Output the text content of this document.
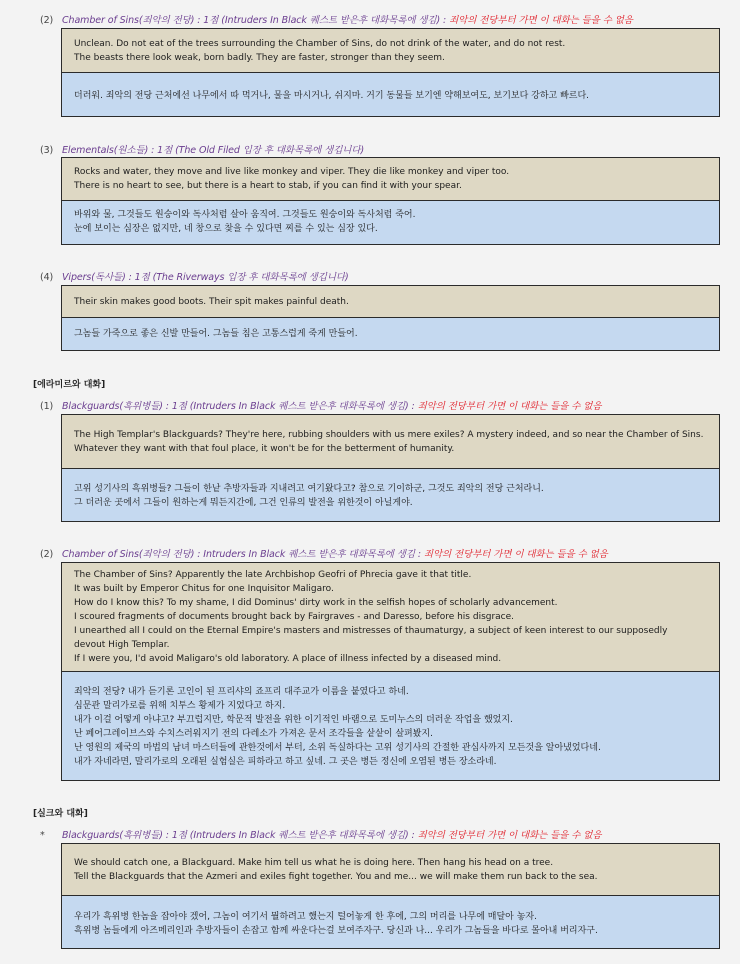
(2) Chamber of Sins(죄악의 전당) : 1점 (Intruders In Black 퀘스트 받은후 대화목록에 생김) : 죄악의 전당부터 가면 이 대화는 들을 수 없음
Unclean. Do not eat of the trees surrounding the Chamber of Sins, do not drink of the water, and do not rest.
The beasts there look weak, born badly. They are faster, stronger than they seem.
더러워. 죄악의 전당 근처에선 나무에서 따 먹거나, 물을 마시거나, 쉬지마. 거기 동물들 보기엔 약해보여도, 보기보다 강하고 빠르다.
(3) Elementals(원소들) : 1점 (The Old Filed 입장 후 대화목록에 생깁니다)
Rocks and water, they move and live like monkey and viper. They die like monkey and viper too.
There is no heart to see, but there is a heart to stab, if you can find it with your spear.
바위와 물, 그것들도 원숭이와 독사처럼 살아 움직여. 그것들도 원숭이와 독사처럼 죽어.
눈에 보이는 심장은 없지만, 네 창으로 찾을 수 있다면 찌를 수 있는 심장 있다.
(4) Vipers(독사들) : 1점 (The Riverways 입장 후 대화목록에 생깁니다)
Their skin makes good boots. Their spit makes painful death.
그놈들 가죽으로 좋은 신발 만들어. 그놈들 침은 고통스럽게 죽게 만들어.
[에라미르와 대화]
(1) Blackguards(흑위병들) : 1점 (Intruders In Black 퀘스트 받은후 대화목록에 생김) : 죄악의 전당부터 가면 이 대화는 들을 수 없음
The High Templar's Blackguards? They're here, rubbing shoulders with us mere exiles? A mystery indeed, and so near the Chamber of Sins.
Whatever they want with that foul place, it won't be for the betterment of humanity.
고위 성기사의 흑위병들? 그들이 한낱 추방자들과 지내려고 여기왔다고? 참으로 기이하군, 그것도 죄악의 전당 근처라니.
그 더러운 곳에서 그들이 원하는게 뭐든지간에, 그건 인류의 발전을 위한것이 아닐게야.
(2) Chamber of Sins(죄악의 전당) : Intruders In Black 퀘스트 받은후 대화목록에 생김 : 죄악의 전당부터 가면 이 대화는 들을 수 없음
The Chamber of Sins? Apparently the late Archbishop Geofri of Phrecia gave it that title.
It was built by Emperor Chitus for one Inquisitor Maligaro.
How do I know this? To my shame, I did Dominus' dirty work in the selfish hopes of scholarly advancement.
I scoured fragments of documents brought back by Fairgraves - and Daresso, before his disgrace.
I unearthed all I could on the Eternal Empire's masters and mistresses of thaumaturgy, a subject of keen interest to our supposedly
devout High Templar.
If I were you, I'd avoid Maligaro's old laboratory. A place of illness infected by a diseased mind.
죄악의 전당? 내가 듣기론 고인이 된 프리샤의 죠프리 대주교가 이름을 붙였다고 하네.
심문관 말리가로를 위해 치투스 황제가 지었다고 하지.
내가 이걸 어떻게 아냐고? 부끄럽지만, 학문적 발전을 위한 이기적인 바램으로 도미누스의 더러운 작업을 했었지.
난 페어그레이브스와 수치스러워지기 전의 다레소가 가져온 문서 조각들을 샅샅이 살펴봤지.
난 영원의 제국의 마법의 남녀 마스터들에 관한것에서 부터, 소위 독실하다는 고위 성기사의 간절한 관심사까지 모든것을 알아냈었다네.
내가 자네라면, 말리가로의 오래된 실험실은 피하라고 하고 싶네. 그 곳은 병든 정신에 오염된 병든 장소라네.
[실크와 대화]
* Blackguards(흑위병들) : 1점 (Intruders In Black 퀘스트 받은후 대화목록에 생김) : 죄악의 전당부터 가면 이 대화는 들을 수 없음
We should catch one, a Blackguard. Make him tell us what he is doing here. Then hang his head on a tree.
Tell the Blackguards that the Azmeri and exiles fight together. You and me... we will make them run back to the sea.
우리가 흑위병 한놈을 잡아야 겠어, 그놈이 여기서 뭘하려고 했는지 털어놓게 한 후에, 그의 머리를 나무에 매달아 놓자.
흑위병 놈들에게 아즈메리인과 추방자들이 손잡고 함께 싸운다는걸 보여주자구. 당신과 나... 우리가 그놈들을 바다로 몰아내 버리자구.
